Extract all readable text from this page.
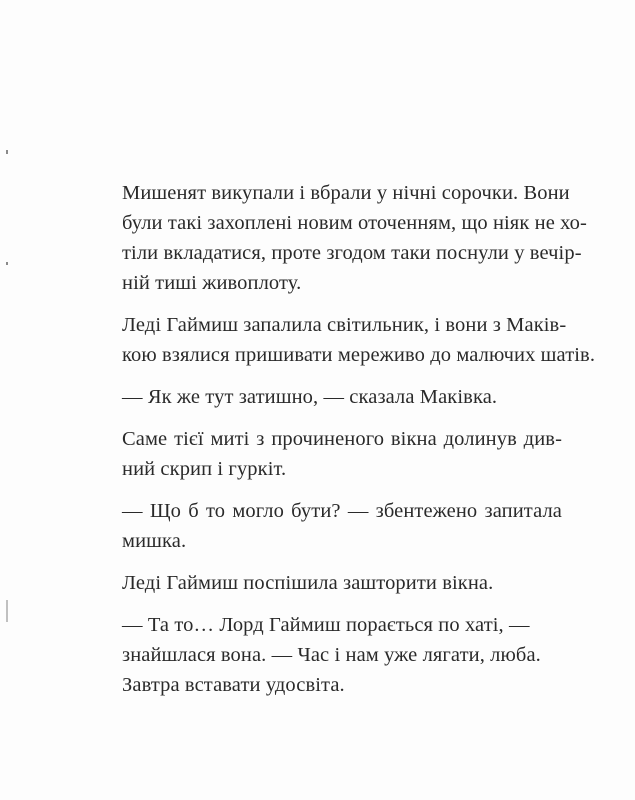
Мишенят викупали і вбрали у нічні сорочки. Вони
були такі захоплені новим оточенням, що ніяк не хо-
тіли вкладатися, проте згодом таки поснули у вечір-
ній тиші живоплоту.

Леді Гаймиш запалила світильник, і вони з Маків-
кою взялися пришивати мереживо до малючих шатів.

— Як же тут затишно, — сказала Маківка.

Саме тієї миті з прочиненого вікна долинув див-
ний скрип і гуркіт.

— Що б то могло бути? — збентежено запитала
мишка.

Леді Гаймиш поспішила зашторити вікна.

— Та то… Лорд Гаймиш порається по хаті, —
знайшлася вона. — Час і нам уже лягати, люба.
Завтра вставати удосвіта.
